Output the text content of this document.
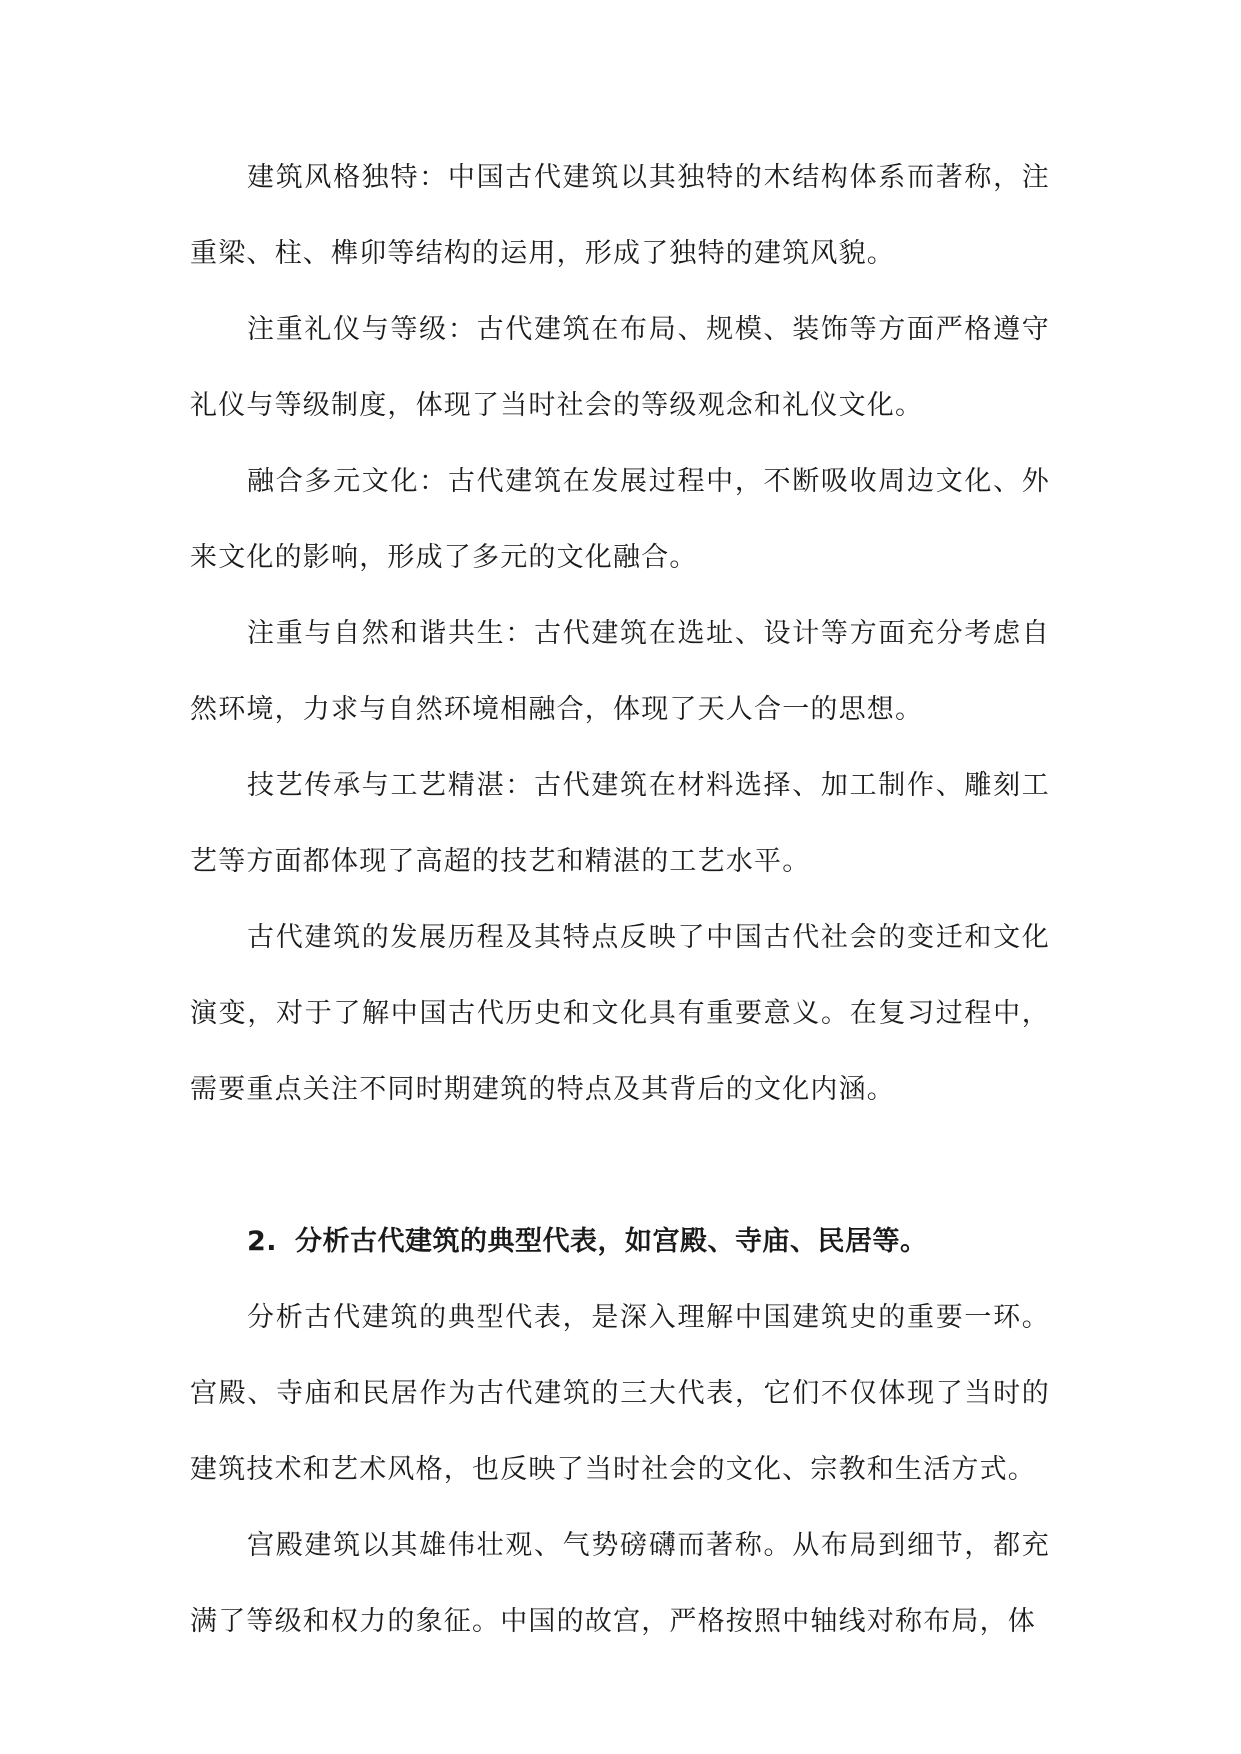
建筑风格独特：中国古代建筑以其独特的木结构体系而著称，注重梁、柱、榫卯等结构的运用，形成了独特的建筑风貌。

注重礼仪与等级：古代建筑在布局、规模、装饰等方面严格遵守礼仪与等级制度，体现了当时社会的等级观念和礼仪文化。

融合多元文化：古代建筑在发展过程中，不断吸收周边文化、外来文化的影响，形成了多元的文化融合。

注重与自然和谐共生：古代建筑在选址、设计等方面充分考虑自然环境，力求与自然环境相融合，体现了天人合一的思想。

技艺传承与工艺精湛：古代建筑在材料选择、加工制作、雕刻工艺等方面都体现了高超的技艺和精湛的工艺水平。

古代建筑的发展历程及其特点反映了中国古代社会的变迁和文化演变，对于了解中国古代历史和文化具有重要意义。在复习过程中，需要重点关注不同时期建筑的特点及其背后的文化内涵。

2. 分析古代建筑的典型代表，如宫殿、寺庙、民居等。

分析古代建筑的典型代表，是深入理解中国建筑史的重要一环。宫殿、寺庙和民居作为古代建筑的三大代表，它们不仅体现了当时的建筑技术和艺术风格，也反映了当时社会的文化、宗教和生活方式。

宫殿建筑以其雄伟壮观、气势磅礴而著称。从布局到细节，都充满了等级和权力的象征。中国的故宫，严格按照中轴线对称布局，体
